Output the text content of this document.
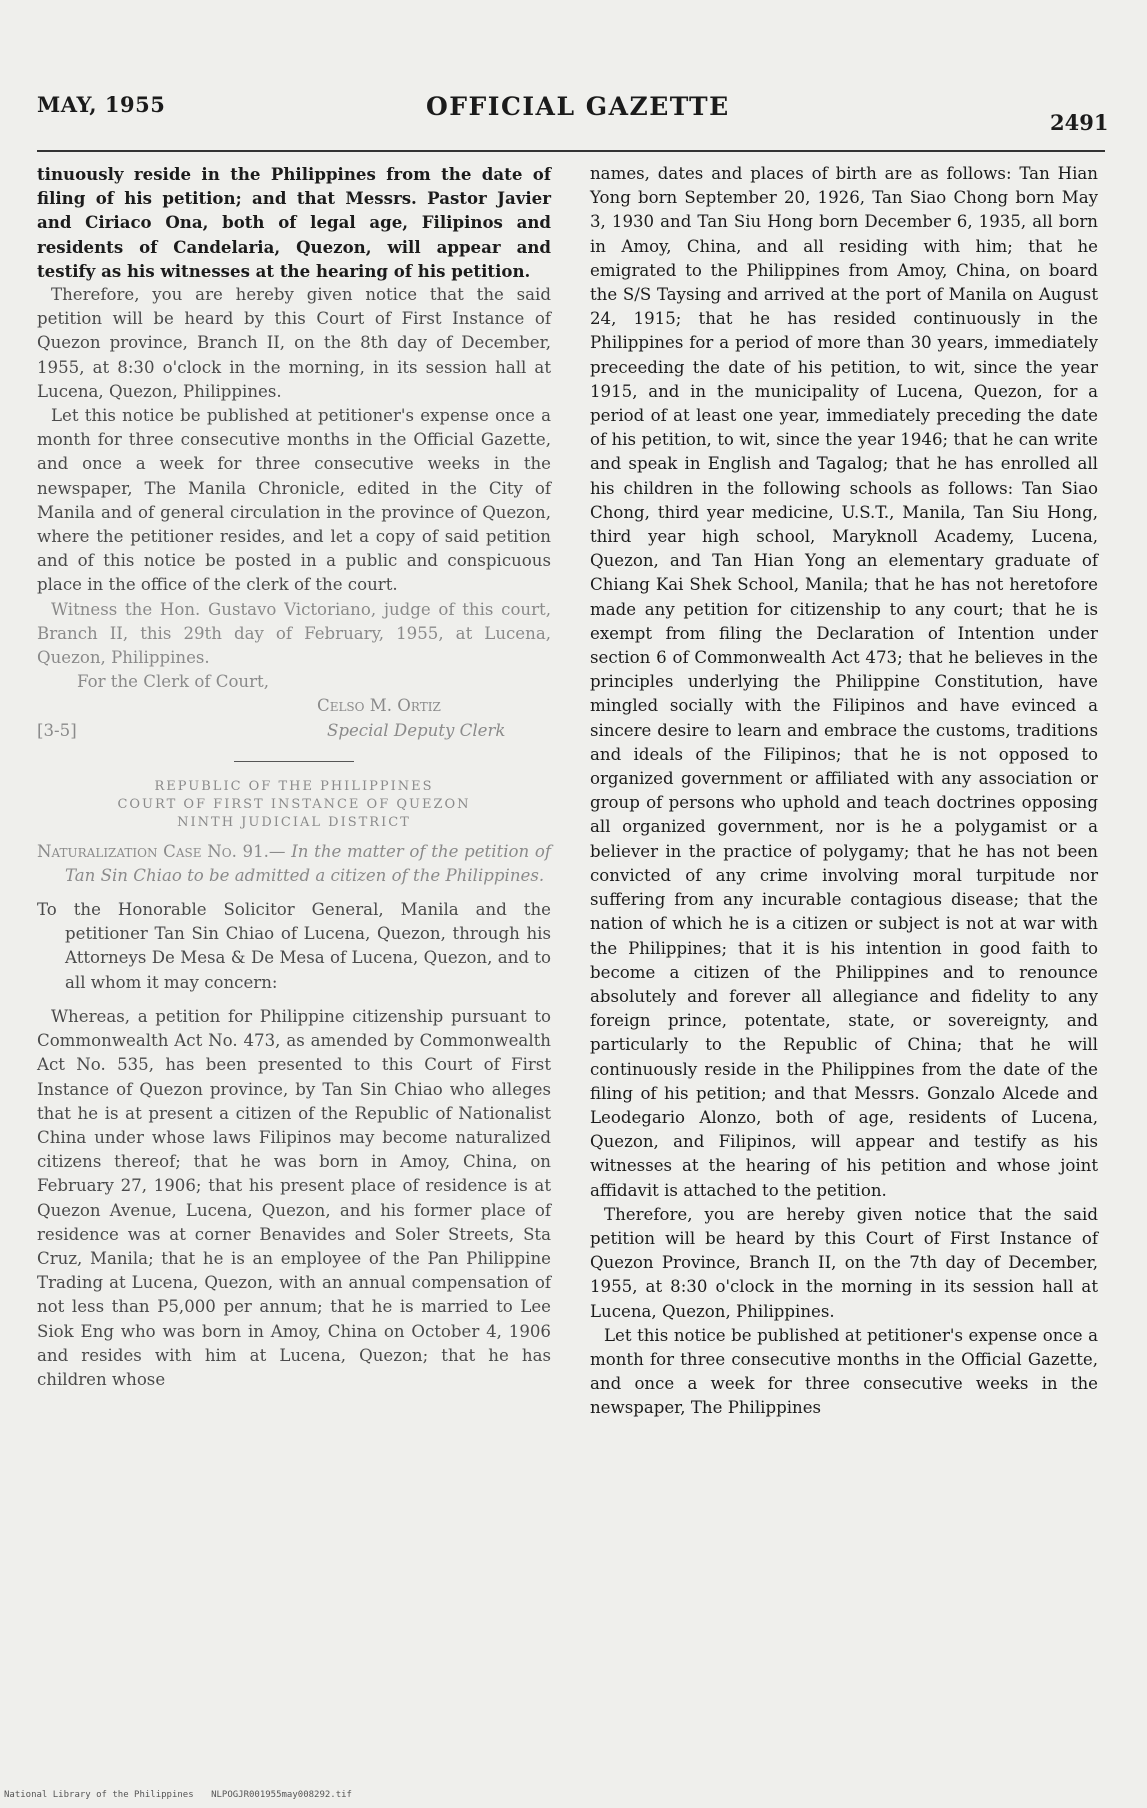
MAY, 1955	OFFICIAL GAZETTE
2491

tinuously reside in the Philippines from the date of filing of his petition; and that Messrs. Pastor Javier and Ciriaco Ona, both of legal age, Filipinos and residents of Candelaria, Quezon, will appear and testify as his witnesses at the hearing of his petition.

Therefore, you are hereby given notice that the said petition will be heard by this Court of First Instance of Quezon province, Branch II, on the 8th day of December, 1955, at 8:30 o'clock in the morning, in its session hall at Lucena, Quezon, Philippines.

Let this notice be published at petitioner's expense once a month for three consecutive months in the Official Gazette, and once a week for three consecutive weeks in the newspaper, The Manila Chronicle, edited in the City of Manila and of general circulation in the province of Quezon, where the petitioner resides, and let a copy of said petition and of this notice be posted in a public and conspicuous place in the office of the clerk of the court.

Witness the Hon. Gustavo Victoriano, judge of this court, Branch II, this 29th day of February, 1955, at Lucena, Quezon, Philippines.

For the Clerk of Court,
Celso M. Ortiz
[3-5]	Special Deputy Clerk
REPUBLIC OF THE PHILIPPINES
COURT OF FIRST INSTANCE OF QUEZON
NINTH JUDICIAL DISTRICT

Naturalization Case No. 91.— In the matter of the petition of Tan Sin Chiao to be admitted a citizen of the Philippines.

To the Honorable Solicitor General, Manila and the petitioner Tan Sin Chiao of Lucena, Quezon, through his Attorneys De Mesa & De Mesa of Lucena, Quezon, and to all whom it may concern:

Whereas, a petition for Philippine citizenship pursuant to Commonwealth Act No. 473, as amended by Commonwealth Act No. 535, has been presented to this Court of First Instance of Quezon province, by Tan Sin Chiao who alleges that he is at present a citizen of the Republic of Nationalist China under whose laws Filipinos may become naturalized citizens thereof; that he was born in Amoy, China, on February 27, 1906; that his present place of residence is at Quezon Avenue, Lucena, Quezon, and his former place of residence was at corner Benavides and Soler Streets, Sta Cruz, Manila; that he is an employee of the Pan Philippine Trading at Lucena, Quezon, with an annual compensation of not less than P5,000 per annum; that he is married to Lee Siok Eng who was born in Amoy, China on October 4, 1906 and resides with him at Lucena, Quezon; that he has children whose

names, dates and places of birth are as follows: Tan Hian Yong born September 20, 1926, Tan Siao Chong born May 3, 1930 and Tan Siu Hong born December 6, 1935, all born in Amoy, China, and all residing with him; that he emigrated to the Philippines from Amoy, China, on board the S/S Taysing and arrived at the port of Manila on August 24, 1915; that he has resided continuously in the Philippines for a period of more than 30 years, immediately preceeding the date of his petition, to wit, since the year 1915, and in the municipality of Lucena, Quezon, for a period of at least one year, immediately preceding the date of his petition, to wit, since the year 1946; that he can write and speak in English and Tagalog; that he has enrolled all his children in the following schools as follows: Tan Siao Chong, third year medicine, U.S.T., Manila, Tan Siu Hong, third year high school, Maryknoll Academy, Lucena, Quezon, and Tan Hian Yong an elementary graduate of Chiang Kai Shek School, Manila; that he has not heretofore made any petition for citizenship to any court; that he is exempt from filing the Declaration of Intention under section 6 of Commonwealth Act 473; that he believes in the principles underlying the Philippine Constitution, have mingled socially with the Filipinos and have evinced a sincere desire to learn and embrace the customs, traditions and ideals of the Filipinos; that he is not opposed to organized government or affiliated with any association or group of persons who uphold and teach doctrines opposing all organized government, nor is he a polygamist or a believer in the practice of polygamy; that he has not been convicted of any crime involving moral turpitude nor suffering from any incurable contagious disease; that the nation of which he is a citizen or subject is not at war with the Philippines; that it is his intention in good faith to become a citizen of the Philippines and to renounce absolutely and forever all allegiance and fidelity to any foreign prince, potentate, state, or sovereignty, and particularly to the Republic of China; that he will continuously reside in the Philippines from the date of the filing of his petition; and that Messrs. Gonzalo Alcede and Leodegario Alonzo, both of age, residents of Lucena, Quezon, and Filipinos, will appear and testify as his witnesses at the hearing of his petition and whose joint affidavit is attached to the petition.

Therefore, you are hereby given notice that the said petition will be heard by this Court of First Instance of Quezon Province, Branch II, on the 7th day of December, 1955, at 8:30 o'clock in the morning in its session hall at Lucena, Quezon, Philippines.

Let this notice be published at petitioner's expense once a month for three consecutive months in the Official Gazette, and once a week for three consecutive weeks in the newspaper, The Philippines

National Library of the Philippines NLPOGJR001955may008292.tif
